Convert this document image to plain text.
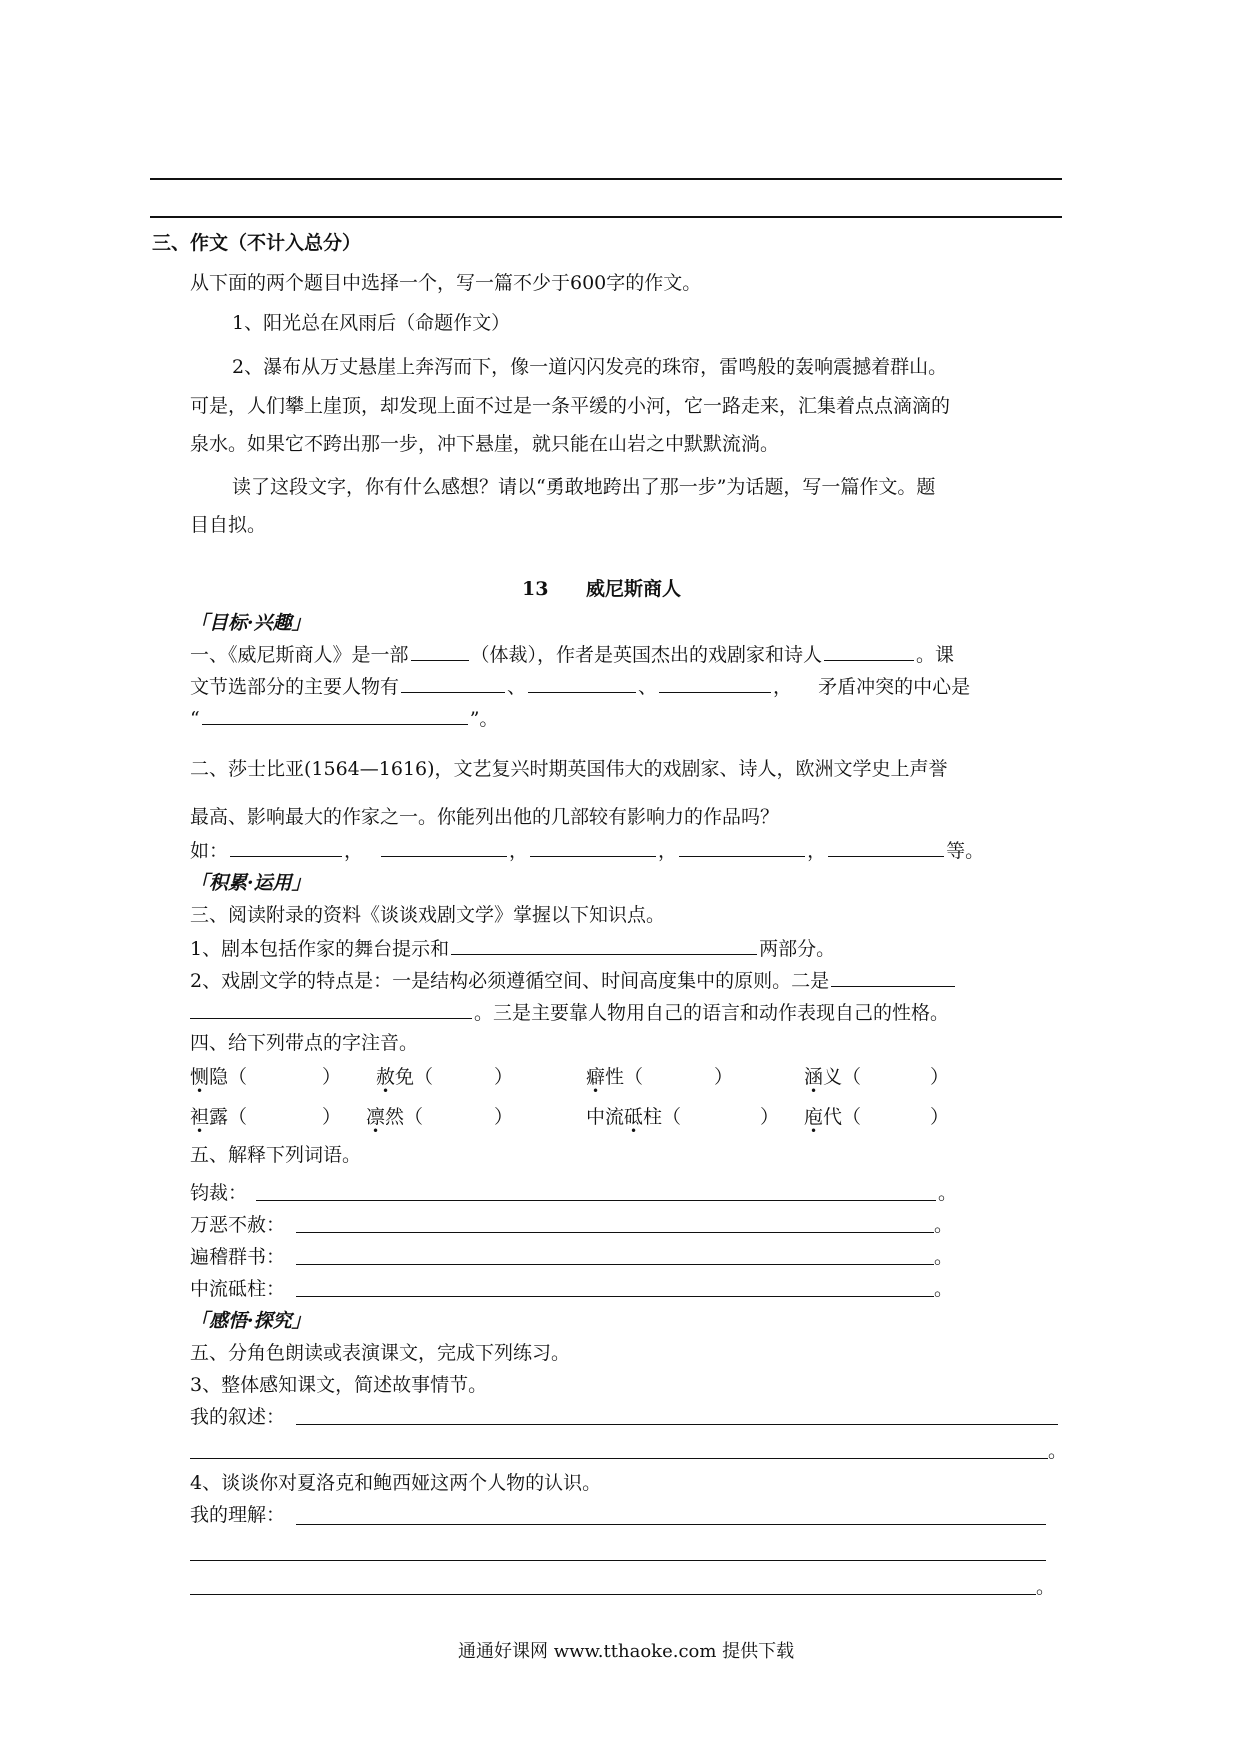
三、作文（不计入总分）
从下面的两个题目中选择一个，写一篇不少于600字的作文。
1、阳光总在风雨后（命题作文）
2、瀑布从万丈悬崖上奔泻而下，像一道闪闪发亮的珠帘，雷鸣般的轰响震撼着群山。
可是，人们攀上崖顶，却发现上面不过是一条平缓的小河，它一路走来，汇集着点点滴滴的
泉水。如果它不跨出那一步，冲下悬崖，就只能在山岩之中默默流淌。
读了这段文字，你有什么感想？请以“勇敢地跨出了那一步”为话题，写一篇作文。题
目自拟。
13 威尼斯商人
「目标·兴趣」
一、《威尼斯商人》是一部	（体裁），作者是英国杰出的戏剧家和诗人	。课
文节选部分的主要人物有	、	、	， 矛盾冲突的中心是
“	”。
二、莎士比亚(1564—1616)，文艺复兴时期英国伟大的戏剧家、诗人，欧洲文学史上声誉
最高、影响最大的作家之一。你能列出他的几部较有影响力的作品吗？
如：	，	，	，	，	等。
「积累·运用」
三、阅读附录的资料《谈谈戏剧文学》掌握以下知识点。
1、剧本包括作家的舞台提示和	两部分。
2、戏剧文学的特点是：一是结构必须遵循空间、时间高度集中的原则。二是
。三是主要靠人物用自己的语言和动作表现自己的性格。
四、给下列带点的字注音。
恻隐（	） 赦免（	）	癖性（	）	涵义（	）
袒露（	） 凛然（	）	中流砥柱（	） 庖代（	）
五、解释下列词语。
钧裁：	。
万恶不赦：	。
遍稽群书：	。
中流砥柱：	。
「感悟·探究」
五、分角色朗读或表演课文，完成下列练习。
3、整体感知课文，简述故事情节。
我的叙述：
。
4、谈谈你对夏洛克和鲍西娅这两个人物的认识。
我的理解：
。
通通好课网 www.tthaoke.com 提供下载
